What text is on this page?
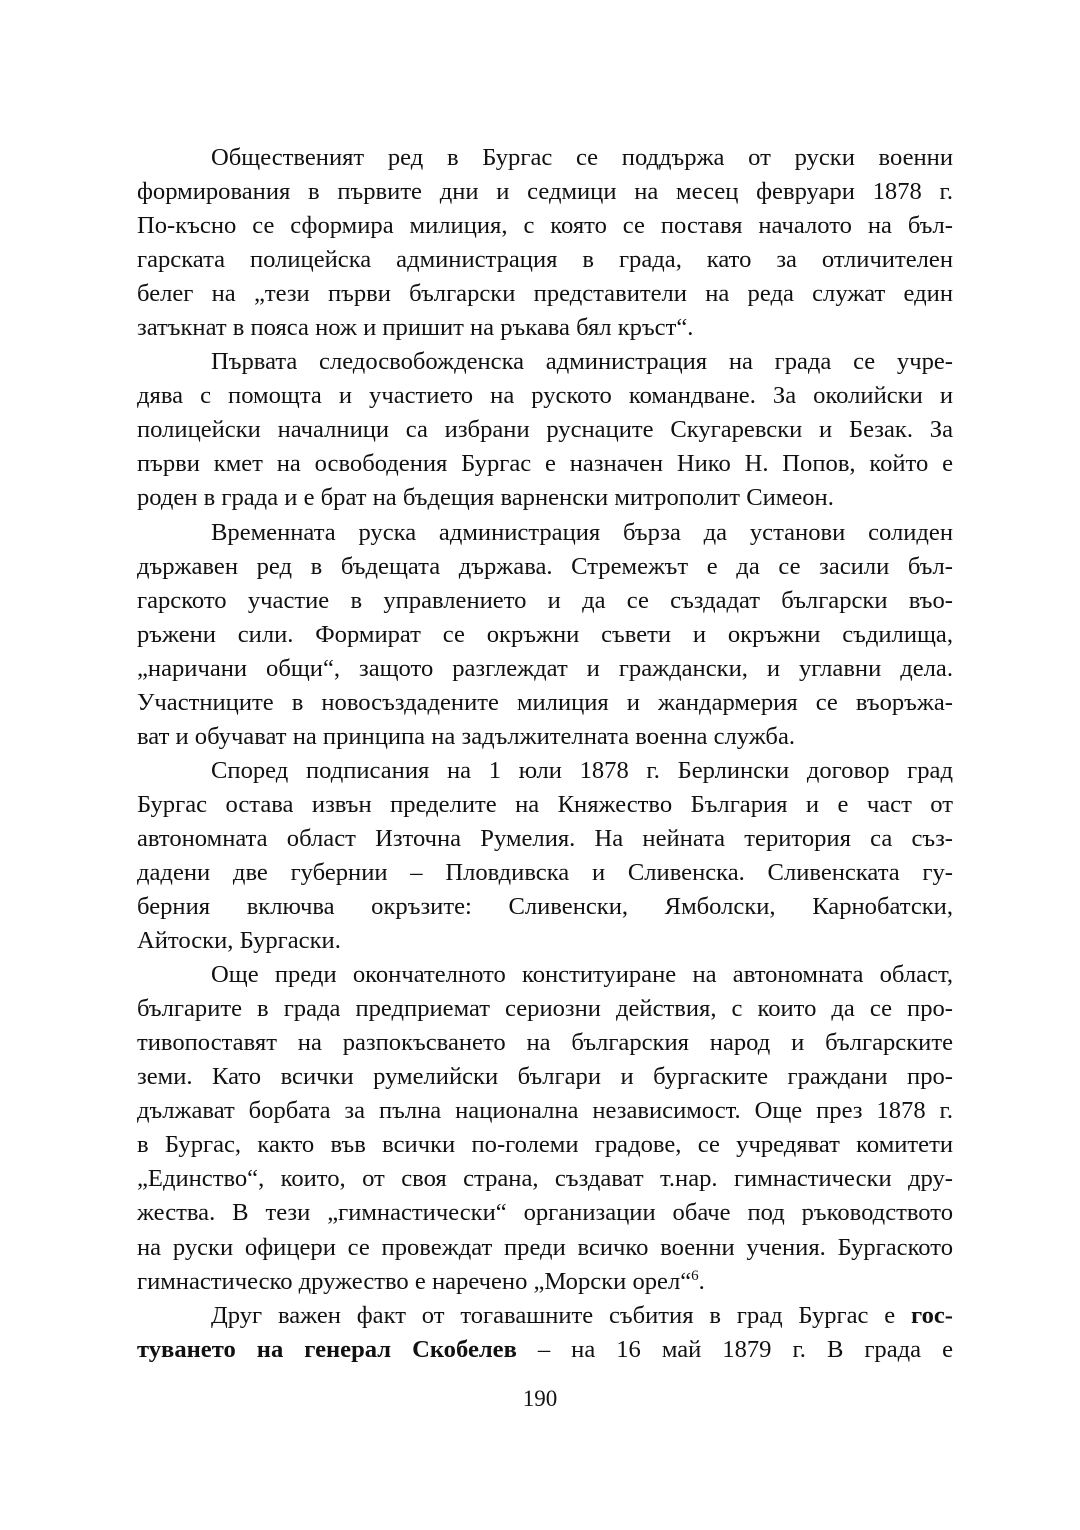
Общественият ред в Бургас се поддържа от руски военни
формирования в първите дни и седмици на месец февруари 1878 г.
По-късно се сформира милиция, с която се поставя началото на бъл-
гарската полицейска администрация в града, като за отличителен
белег на „тези първи български представители на реда служат един
затъкнат в пояса нож и пришит на ръкава бял кръст“.
Първата следосвобожденска администрация на града се учре-
дява с помощта и участието на руското командване. За околийски и
полицейски началници са избрани руснаците Скугаревски и Безак. За
първи кмет на освободения Бургас е назначен Нико Н. Попов, който е
роден в града и е брат на бъдещия варненски митрополит Симеон.
Временната руска администрация бърза да установи солиден
държавен ред в бъдещата държава. Стремежът е да се засили бъл-
гарското участие в управлението и да се създадат български въо-
ръжени сили. Формират се окръжни съвети и окръжни съдилища,
„наричани общи“, защото разглеждат и граждански, и углавни дела.
Участниците в новосъздадените милиция и жандармерия се въоръжа-
ват и обучават на принципа на задължителната военна служба.
Според подписания на 1 юли 1878 г. Берлински договор град
Бургас остава извън пределите на Княжество България и е част от
автономната област Източна Румелия. На нейната територия са съз-
дадени две губернии – Пловдивска и Сливенска. Сливенската гу-
берния включва окръзите: Сливенски, Ямболски, Карнобатски,
Айтоски, Бургаски.
Още преди окончателното конституиране на автономната област,
българите в града предприемат сериозни действия, с които да се про-
тивопоставят на разпокъсването на българския народ и българските
земи. Като всички румелийски българи и бургаските граждани про-
дължават борбата за пълна национална независимост. Още през 1878 г.
в Бургас, както във всички по-големи градове, се учредяват комитети
„Единство“, които, от своя страна, създават т.нар. гимнастически дру-
жества. В тези „гимнастически“ организации обаче под ръководството
на руски офицери се провеждат преди всичко военни учения. Бургаското
гимнастическо дружество е наречено „Морски орел“$^6$.
Друг важен факт от тогавашните събития в град Бургас е гос-
туването на генерал Скобелев – на 16 май 1879 г. В града е
190
